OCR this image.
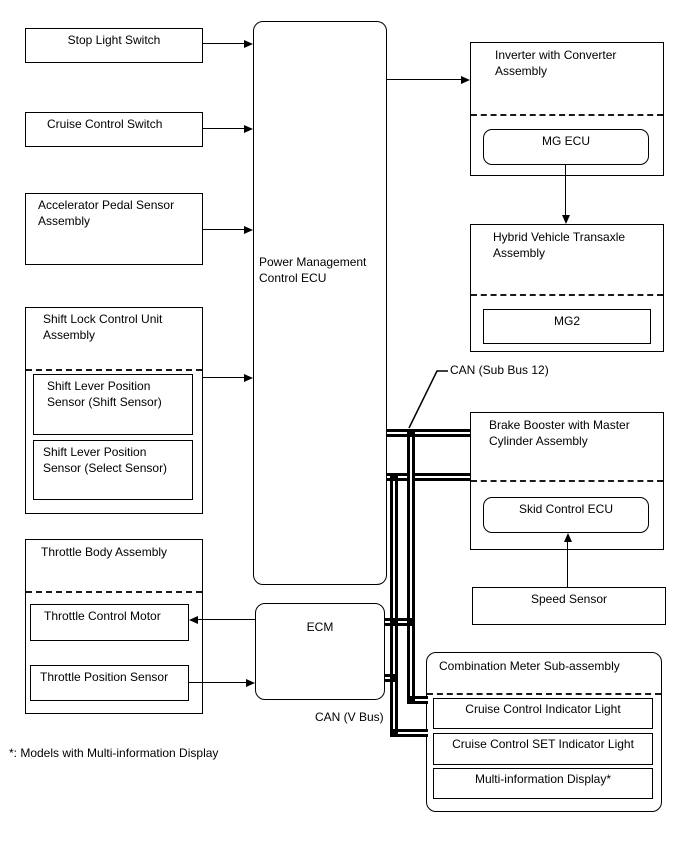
Stop Light Switch
Cruise Control Switch
Accelerator Pedal Sensor Assembly
Shift Lock Control Unit Assembly
Shift Lever Position Sensor (Shift Sensor)
Shift Lever Position Sensor (Select Sensor)
Throttle Body Assembly
Throttle Control Motor
Throttle Position Sensor
*: Models with Multi-information Display
Power Management Control ECU
ECM
CAN (V Bus)
Inverter with Converter Assembly
MG ECU
Hybrid Vehicle Transaxle Assembly
MG2
Brake Booster with Master Cylinder Assembly
Skid Control ECU
Speed Sensor
Combination Meter Sub-assembly
Cruise Control Indicator Light
Cruise Control SET Indicator Light
Multi-information Display*
CAN (Sub Bus 12)
